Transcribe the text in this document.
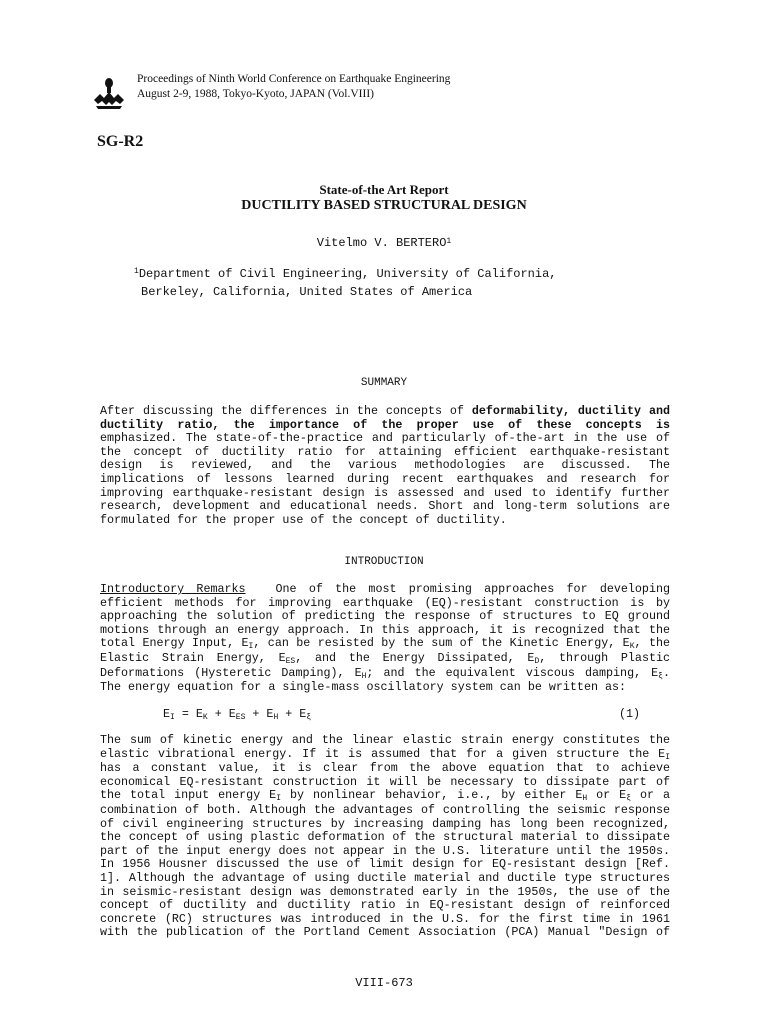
Proceedings of Ninth World Conference on Earthquake Engineering
August 2-9, 1988, Tokyo-Kyoto, JAPAN (Vol.VIII)
SG-R2
State-of-the Art Report
DUCTILITY BASED STRUCTURAL DESIGN
Vitelmo V. BERTERO$^1$
$^1$Department of Civil Engineering, University of California,
Berkeley, California, United States of America
SUMMARY
After discussing the differences in the concepts of deformability, ductility and
ductility ratio, the importance of the proper use of these concepts is
emphasized. The state-of-the-practice and particularly of-the-art in the use of
the concept of ductility ratio for attaining efficient earthquake-resistant
design is reviewed, and the various methodologies are discussed. The
implications of lessons learned during recent earthquakes and research for
improving earthquake-resistant design is assessed and used to identify further
research, development and educational needs. Short and long-term solutions are
formulated for the proper use of the concept of ductility.
INTRODUCTION
Introductory Remarks	One of the most promising approaches for developing
efficient methods for improving earthquake (EQ)-resistant construction is by
approaching the solution of predicting the response of structures to EQ ground
motions through an energy approach. In this approach, it is recognized that the
total Energy Input, $E_I$, can be resisted by the sum of the Kinetic Energy, $E_K$, the
Elastic Strain Energy, $E_{ES}$, and the Energy Dissipated, $E_D$, through Plastic
Deformations (Hysteretic Damping), $E_H$; and the equivalent viscous damping, $E_\xi$.
The energy equation for a single-mass oscillatory system can be written as:
$E_I = E_K + E_{ES} + E_H + E_\xi$	(1)
The sum of kinetic energy and the linear elastic strain energy constitutes the
elastic vibrational energy. If it is assumed that for a given structure the $E_I$
has a constant value, it is clear from the above equation that to achieve
economical EQ-resistant construction it will be necessary to dissipate part of
the total input energy $E_I$ by nonlinear behavior, i.e., by either $E_H$ or $E_\xi$ or a
combination of both. Although the advantages of controlling the seismic response
of civil engineering structures by increasing damping has long been recognized,
the concept of using plastic deformation of the structural material to dissipate
part of the input energy does not appear in the U.S. literature until the 1950s.
In 1956 Housner discussed the use of limit design for EQ-resistant design [Ref.
1]. Although the advantage of using ductile material and ductile type structures
in seismic-resistant design was demonstrated early in the 1950s, the use of the
concept of ductility and ductility ratio in EQ-resistant design of reinforced
concrete (RC) structures was introduced in the U.S. for the first time in 1961
with the publication of the Portland Cement Association (PCA) Manual "Design of
VIII-673
